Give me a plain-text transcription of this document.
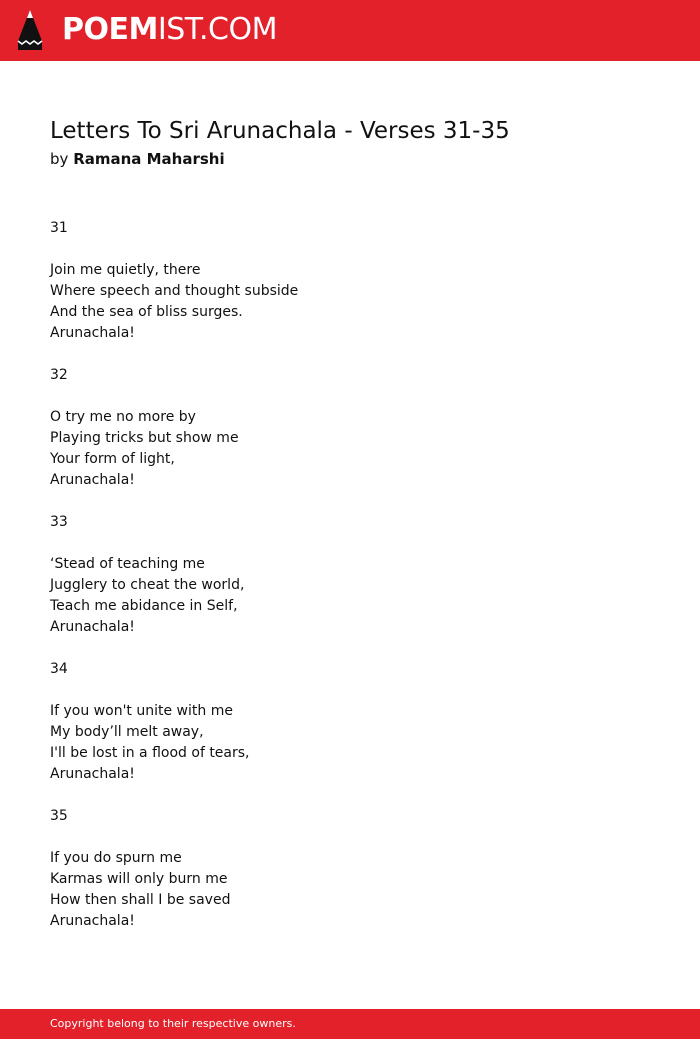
POEMIST.COM
Letters To Sri Arunachala - Verses 31-35
by Ramana Maharshi
31
Join me quietly, there
Where speech and thought subside
And the sea of bliss surges.
Arunachala!
32
O try me no more by
Playing tricks but show me
Your form of light,
Arunachala!
33
‘Stead of teaching me
Jugglery to cheat the world,
Teach me abidance in Self,
Arunachala!
34
If you won't unite with me
My body’ll melt away,
I'll be lost in a flood of tears,
Arunachala!
35
If you do spurn me
Karmas will only burn me
How then shall I be saved
Arunachala!
Copyright belong to their respective owners.
